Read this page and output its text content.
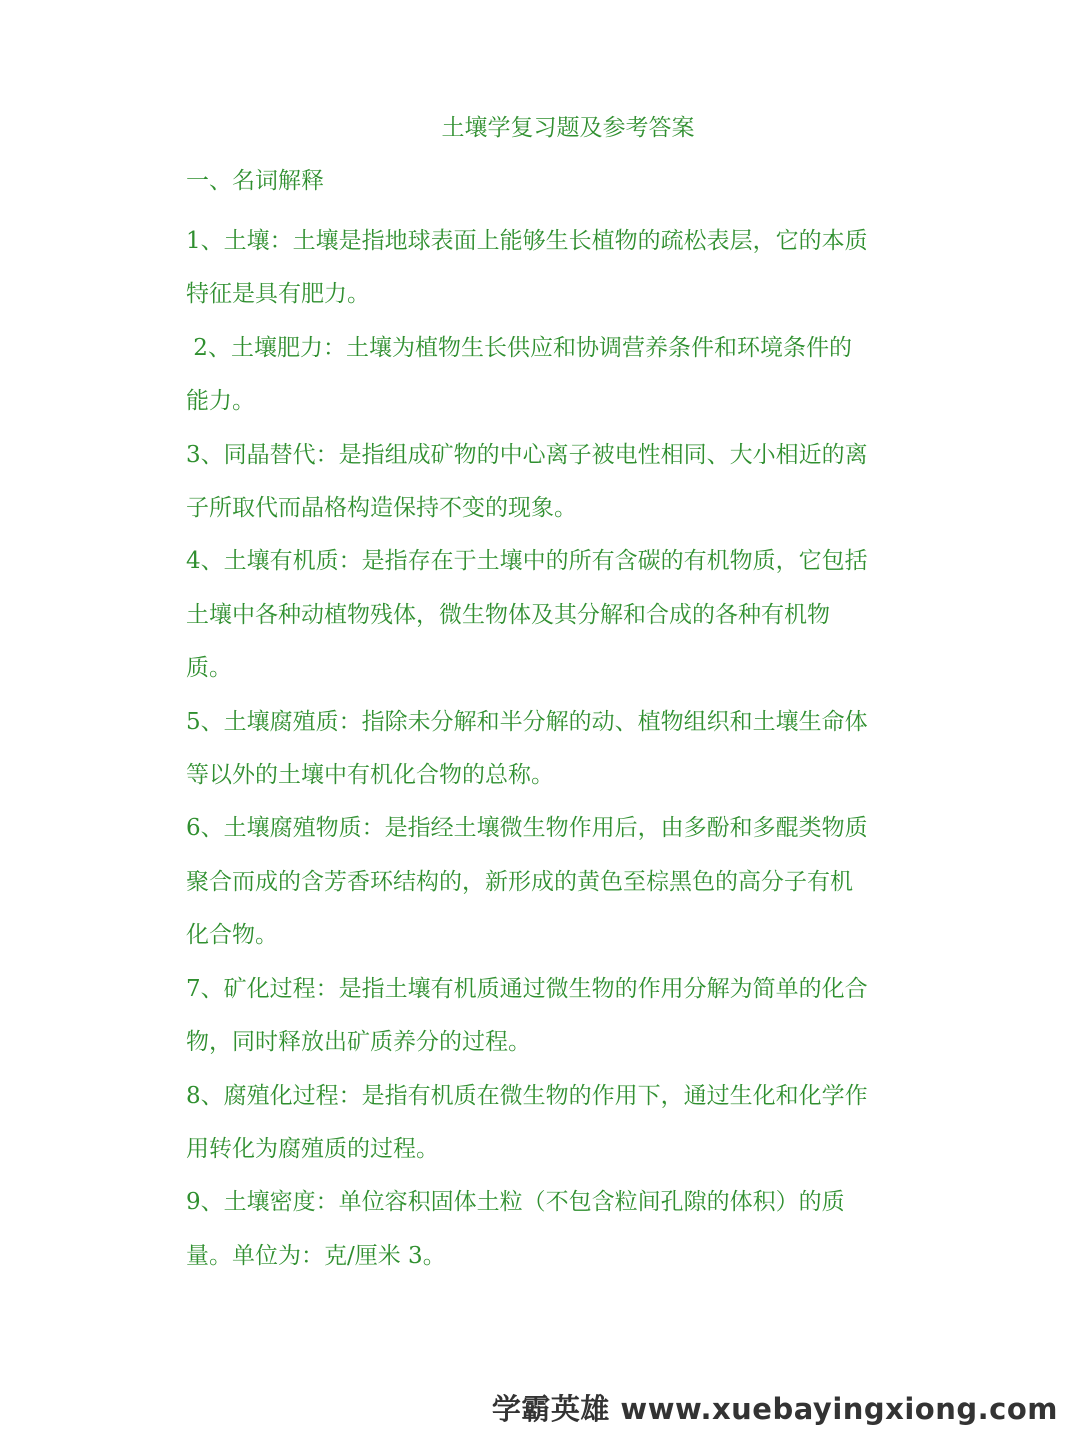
土壤学复习题及参考答案
一、名词解释

1、土壤：土壤是指地球表面上能够生长植物的疏松表层，它的本质
特征是具有肥力。

2、土壤肥力：土壤为植物生长供应和协调营养条件和环境条件的
能力。

3、同晶替代：是指组成矿物的中心离子被电性相同、大小相近的离
子所取代而晶格构造保持不变的现象。

4、土壤有机质：是指存在于土壤中的所有含碳的有机物质，它包括
土壤中各种动植物残体，微生物体及其分解和合成的各种有机物
质。

5、土壤腐殖质：指除未分解和半分解的动、植物组织和土壤生命体
等以外的土壤中有机化合物的总称。

6、土壤腐殖物质：是指经土壤微生物作用后，由多酚和多醌类物质
聚合而成的含芳香环结构的，新形成的黄色至棕黑色的高分子有机
化合物。

7、矿化过程：是指土壤有机质通过微生物的作用分解为简单的化合
物，同时释放出矿质养分的过程。

8、腐殖化过程：是指有机质在微生物的作用下，通过生化和化学作
用转化为腐殖质的过程。

9、土壤密度：单位容积固体土粒（不包含粒间孔隙的体积）的质
量。单位为：克/厘米 3。

学霸英雄 www.xuebayingxiong.com
